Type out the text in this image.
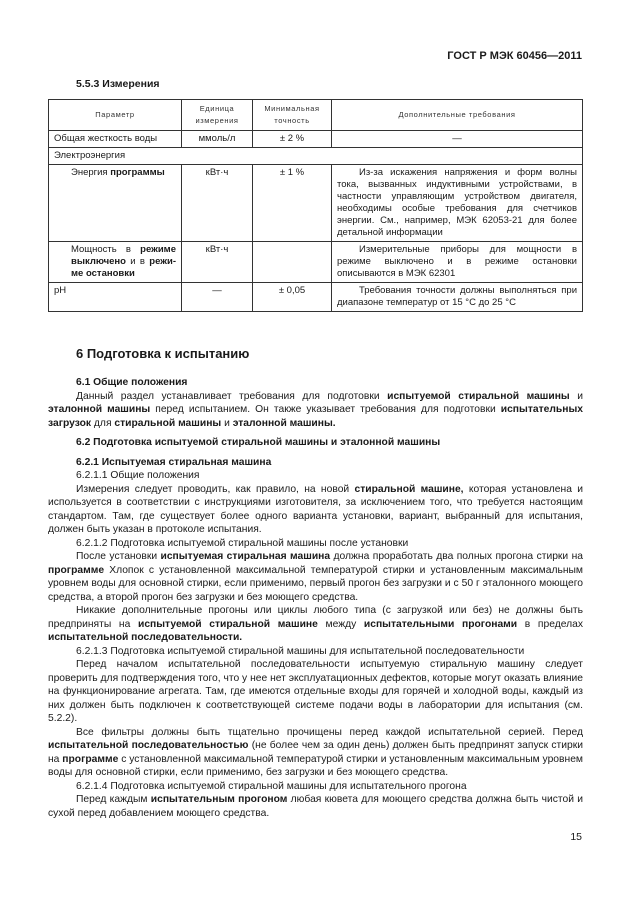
ГОСТ Р МЭК 60456—2011
5.5.3 Измерения
Параметр	Единица измерения	Минимальная точность	Дополнительные требования
Общая жесткость воды	ммоль/л	± 2 %	—
Электроэнергия			
Энергия программы	кВт·ч	± 1 %	Из-за искажения напряжения и форм волны тока, вызванных индуктивными устройствами, в частности управляющим устройством двигателя, необходимы особые требования для счетчиков энергии. См., например, МЭК 62053-21 для более детальной информации
Мощность в режиме выключено и в режи-ме остановки	кВт·ч		Измерительные приборы для мощности в режиме выключено и в режиме остановки описываются в МЭК 62301
pH	—	± 0,05	Требования точности должны выполняться при диапазоне температур от 15 °С до 25 °С
6 Подготовка к испытанию

6.1 Общие положения

Данный раздел устанавливает требования для подготовки испытуемой стиральной машины и эталонной машины перед испытанием. Он также указывает требования для подготовки испытательных загрузок для стиральной машины и эталонной машины.

6.2 Подготовка испытуемой стиральной машины и эталонной машины

6.2.1 Испытуемая стиральная машина

6.2.1.1 Общие положения

Измерения следует проводить, как правило, на новой стиральной машине, которая установлена и используется в соответствии с инструкциями изготовителя, за исключением того, что требуется настоящим стандартом. Там, где существует более одного варианта установки, вариант, выбранный для испытания, должен быть указан в протоколе испытания.

6.2.1.2 Подготовка испытуемой стиральной машины после установки

После установки испытуемая стиральная машина должна проработать два полных прогона стирки на программе Хлопок с установленной максимальной температурой стирки и установленным максимальным уровнем воды для основной стирки, если применимо, первый прогон без загрузки и с 50 г эталонного моющего средства, а второй прогон без загрузки и без моющего средства.

Никакие дополнительные прогоны или циклы любого типа (с загрузкой или без) не должны быть предприняты на испытуемой стиральной машине между испытательными прогонами в пределах испытательной последовательности.

6.2.1.3 Подготовка испытуемой стиральной машины для испытательной последовательности

Перед началом испытательной последовательности испытуемую стиральную машину следует проверить для подтверждения того, что у нее нет эксплуатационных дефектов, которые могут оказать влияние на функционирование агрегата. Там, где имеются отдельные входы для горячей и холодной воды, каждый из них должен быть подключен к соответствующей системе подачи воды в лаборатории для испытания (см. 5.2.2).

Все фильтры должны быть тщательно прочищены перед каждой испытательной серией. Перед испытательной последовательностью (не более чем за один день) должен быть предпринят запуск стирки на программе с установленной максимальной температурой стирки и установленным максимальным уровнем воды для основной стирки, если применимо, без загрузки и без моющего средства.

6.2.1.4 Подготовка испытуемой стиральной машины для испытательного прогона

Перед каждым испытательным прогоном любая кювета для моющего средства должна быть чистой и сухой перед добавлением моющего средства.

15
